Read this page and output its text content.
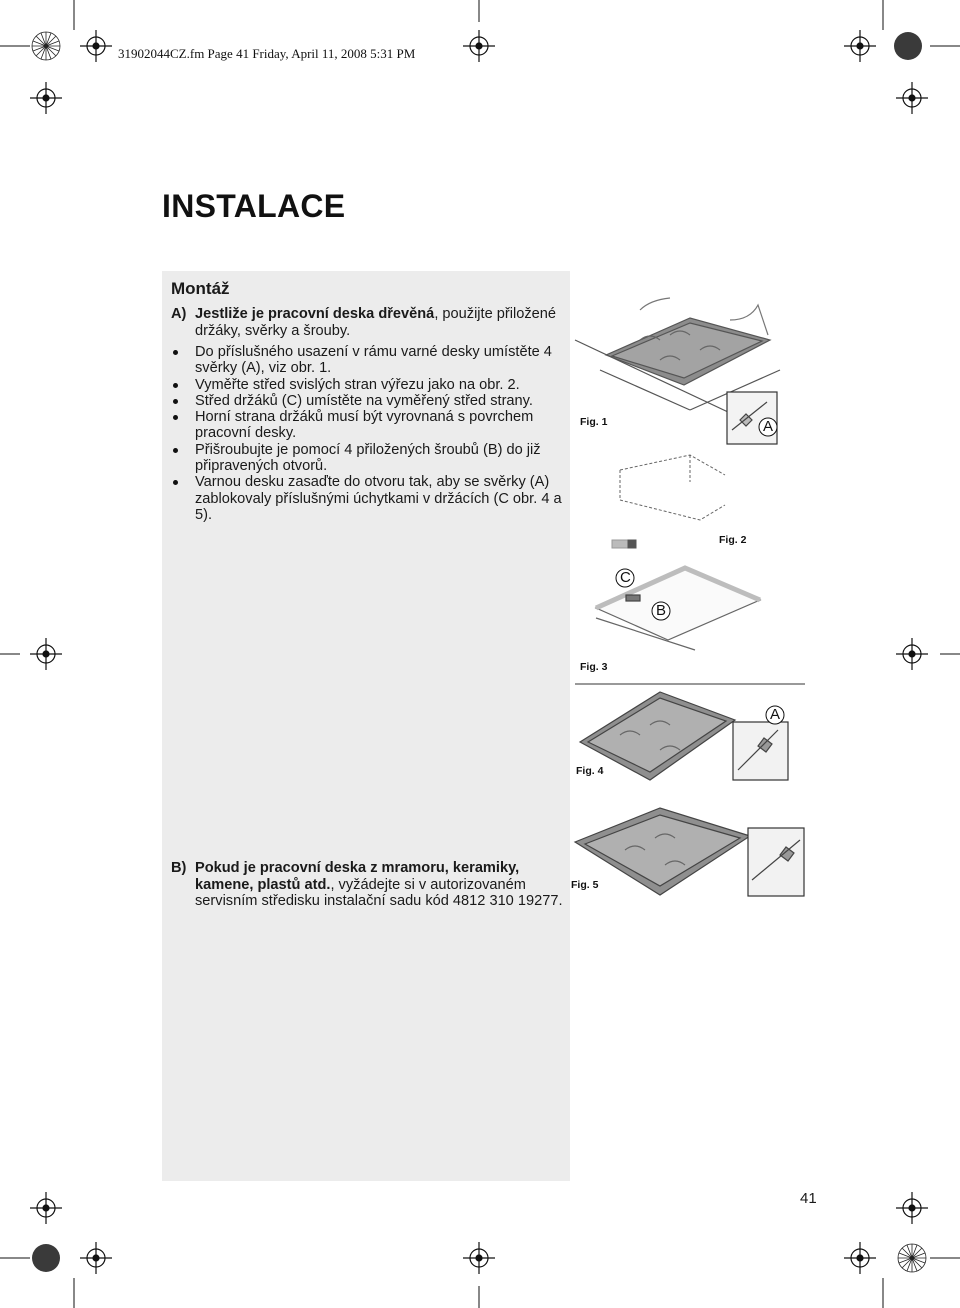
31902044CZ.fm Page 41 Friday, April 11, 2008 5:31 PM
INSTALACE
Montáž
A) Jestliže je pracovní deska dřevěná, použijte přiložené držáky, svěrky a šrouby.
Do příslušného usazení v rámu varné desky umístěte 4 svěrky (A), viz obr. 1.
Vyměřte střed svislých stran výřezu jako na obr. 2.
Střed držáků (C) umístěte na vyměřený střed strany.
Horní strana držáků musí být vyrovnaná s povrchem pracovní desky.
Přišroubujte je pomocí 4 přiložených šroubů (B) do již připravených otvorů.
Varnou desku zasaďte do otvoru tak, aby se svěrky (A) zablokovaly příslušnými úchytkami v držácích (C obr. 4 a 5).
B) Pokud je pracovní deska z mramoru, keramiky, kamene, plastů atd., vyžádejte si v autorizovaném servisním středisku instalační sadu kód 4812 310 19277.
Fig. 1
Fig. 2
Fig. 3
Fig. 4
Fig. 5
A
C
B
A
41
